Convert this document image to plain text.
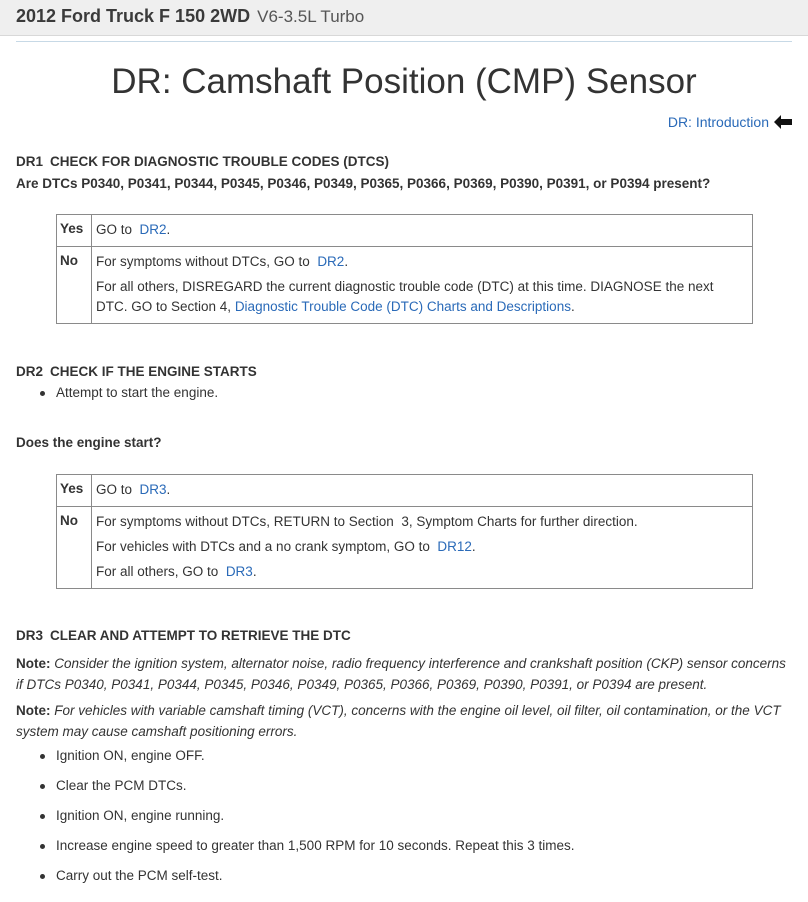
2012 Ford Truck F 150 2WD V6-3.5L Turbo
DR: Camshaft Position (CMP) Sensor
DR: Introduction
DR1 CHECK FOR DIAGNOSTIC TROUBLE CODES (DTCS)
Are DTCs P0340, P0341, P0344, P0345, P0346, P0349, P0365, P0366, P0369, P0390, P0391, or P0394 present?
Yes	GO to DR2.

No	For symptoms without DTCs, GO to DR2.
For all others, DISREGARD the current diagnostic trouble code (DTC) at this time. DIAGNOSE the next
DTC. GO to Section 4, Diagnostic Trouble Code (DTC) Charts and Descriptions.
DR2 CHECK IF THE ENGINE STARTS
Attempt to start the engine.
Does the engine start?
Yes	GO to DR3.

No	For symptoms without DTCs, RETURN to Section  3, Symptom Charts for further direction.
For vehicles with DTCs and a no crank symptom, GO to DR12.
For all others, GO to DR3.
DR3 CLEAR AND ATTEMPT TO RETRIEVE THE DTC
Note: Consider the ignition system, alternator noise, radio frequency interference and crankshaft position (CKP) sensor concerns if DTCs P0340, P0341, P0344, P0345, P0346, P0349, P0365, P0366, P0369, P0390, P0391, or P0394 are present.
Note: For vehicles with variable camshaft timing (VCT), concerns with the engine oil level, oil filter, oil contamination, or the VCT system may cause camshaft positioning errors.
Ignition ON, engine OFF.
Clear the PCM DTCs.
Ignition ON, engine running.
Increase engine speed to greater than 1,500 RPM for 10 seconds. Repeat this 3 times.
Carry out the PCM self-test.
